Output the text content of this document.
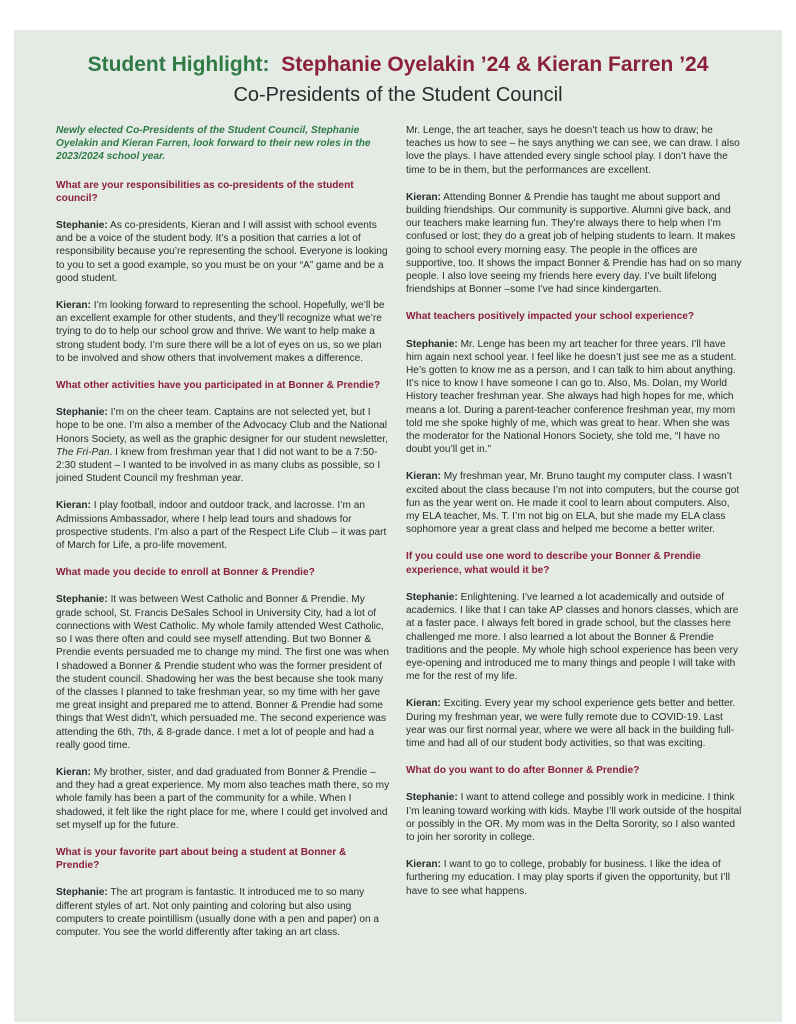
Student Highlight: Stephanie Oyelakin ’24 & Kieran Farren ’24
Co-Presidents of the Student Council

Newly elected Co-Presidents of the Student Council, Stephanie Oyelakin and Kieran Farren, look forward to their new roles in the 2023/2024 school year.

What are your responsibilities as co-presidents of the student council?

Stephanie: As co-presidents, Kieran and I will assist with school events and be a voice of the student body. It’s a position that carries a lot of responsibility because you’re representing the school. Everyone is looking to you to set a good example, so you must be on your “A” game and be a good student.

Kieran: I’m looking forward to representing the school. Hopefully, we’ll be an excellent example for other students, and they’ll recognize what we’re trying to do to help our school grow and thrive. We want to help make a strong student body. I’m sure there will be a lot of eyes on us, so we plan to be involved and show others that involvement makes a difference.

What other activities have you participated in at Bonner & Prendie?

Stephanie: I’m on the cheer team. Captains are not selected yet, but I hope to be one. I’m also a member of the Advocacy Club and the National Honors Society, as well as the graphic designer for our student newsletter, The Fri-Pan. I knew from freshman year that I did not want to be a 7:50-2:30 student – I wanted to be involved in as many clubs as possible, so I joined Student Council my freshman year.

Kieran: I play football, indoor and outdoor track, and lacrosse. I’m an Admissions Ambassador, where I help lead tours and shadows for prospective students. I’m also a part of the Respect Life Club – it was part of March for Life, a pro-life movement.

What made you decide to enroll at Bonner & Prendie?

Stephanie: It was between West Catholic and Bonner & Prendie. My grade school, St. Francis DeSales School in University City, had a lot of connections with West Catholic. My whole family attended West Catholic, so I was there often and could see myself attending. But two Bonner & Prendie events persuaded me to change my mind. The first one was when I shadowed a Bonner & Prendie student who was the former president of the student council. Shadowing her was the best because she took many of the classes I planned to take freshman year, so my time with her gave me great insight and prepared me to attend. Bonner & Prendie had some things that West didn’t, which persuaded me. The second experience was attending the 6th, 7th, & 8-grade dance. I met a lot of people and had a really good time.

Kieran: My brother, sister, and dad graduated from Bonner & Prendie – and they had a great experience. My mom also teaches math there, so my whole family has been a part of the community for a while. When I shadowed, it felt like the right place for me, where I could get involved and set myself up for the future.

What is your favorite part about being a student at Bonner & Prendie?

Stephanie: The art program is fantastic. It introduced me to so many different styles of art. Not only painting and coloring but also using computers to create pointillism (usually done with a pen and paper) on a computer. You see the world differently after taking an art class.

Mr. Lenge, the art teacher, says he doesn’t teach us how to draw; he teaches us how to see – he says anything we can see, we can draw. I also love the plays. I have attended every single school play. I don’t have the time to be in them, but the performances are excellent.

Kieran: Attending Bonner & Prendie has taught me about support and building friendships. Our community is supportive. Alumni give back, and our teachers make learning fun. They’re always there to help when I’m confused or lost; they do a great job of helping students to learn. It makes going to school every morning easy. The people in the offices are supportive, too. It shows the impact Bonner & Prendie has had on so many people. I also love seeing my friends here every day. I’ve built lifelong friendships at Bonner –some I’ve had since kindergarten.

What teachers positively impacted your school experience?

Stephanie: Mr. Lenge has been my art teacher for three years. I’ll have him again next school year. I feel like he doesn’t just see me as a student. He’s gotten to know me as a person, and I can talk to him about anything. It’s nice to know I have someone I can go to. Also, Ms. Dolan, my World History teacher freshman year. She always had high hopes for me, which means a lot. During a parent-teacher conference freshman year, my mom told me she spoke highly of me, which was great to hear. When she was the moderator for the National Honors Society, she told me, “I have no doubt you’ll get in.”

Kieran: My freshman year, Mr. Bruno taught my computer class. I wasn’t excited about the class because I’m not into computers, but the course got fun as the year went on. He made it cool to learn about computers. Also, my ELA teacher, Ms. T. I’m not big on ELA, but she made my ELA class sophomore year a great class and helped me become a better writer.

If you could use one word to describe your Bonner & Prendie experience, what would it be?

Stephanie: Enlightening. I’ve learned a lot academically and outside of academics. I like that I can take AP classes and honors classes, which are at a faster pace. I always felt bored in grade school, but the classes here challenged me more. I also learned a lot about the Bonner & Prendie traditions and the people. My whole high school experience has been very eye-opening and introduced me to many things and people I will take with me for the rest of my life.

Kieran: Exciting. Every year my school experience gets better and better. During my freshman year, we were fully remote due to COVID-19. Last year was our first normal year, where we were all back in the building full-time and had all of our student body activities, so that was exciting.

What do you want to do after Bonner & Prendie?

Stephanie: I want to attend college and possibly work in medicine. I think I’m leaning toward working with kids. Maybe I’ll work outside of the hospital or possibly in the OR. My mom was in the Delta Sorority, so I also wanted to join her sorority in college.

Kieran: I want to go to college, probably for business. I like the idea of furthering my education. I may play sports if given the opportunity, but I’ll have to see what happens.
